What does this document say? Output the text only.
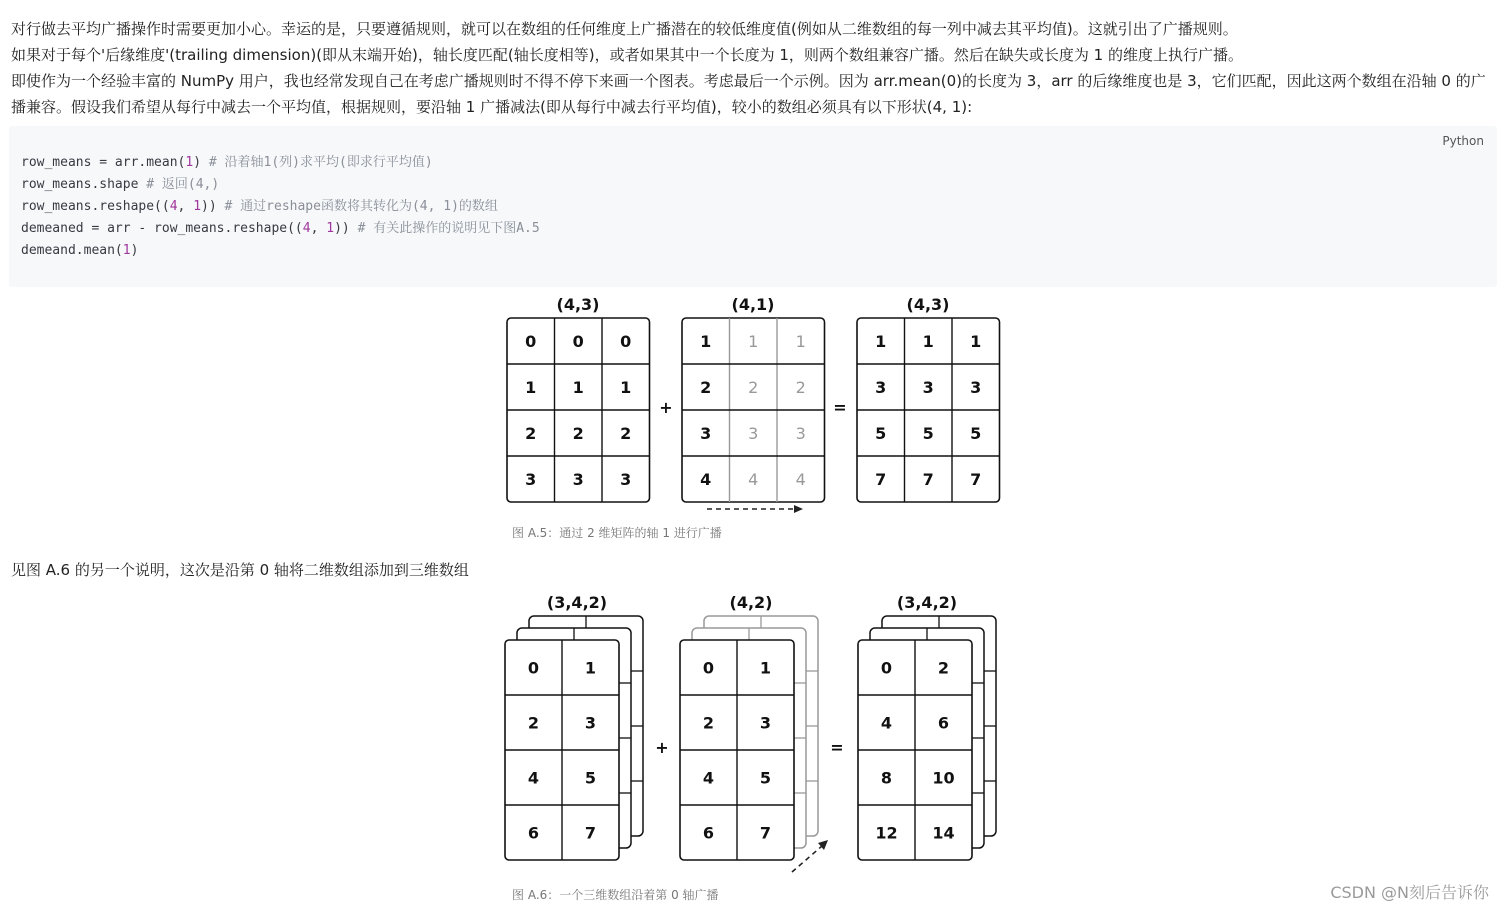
对行做去平均广播操作时需要更加小心。幸运的是，只要遵循规则，就可以在数组的任何维度上广播潜在的较低维度值(例如从二维数组的每一列中减去其平均值)。这就引出了广播规则。
如果对于每个'后缘维度'(trailing dimension)(即从末端开始)，轴长度匹配(轴长度相等)，或者如果其中一个长度为 1，则两个数组兼容广播。然后在缺失或长度为 1 的维度上执行广播。
即使作为一个经验丰富的 NumPy 用户，我也经常发现自己在考虑广播规则时不得不停下来画一个图表。考虑最后一个示例。因为 arr.mean(0)的长度为 3，arr 的后缘维度也是 3，它们匹配，因此这两个数组在沿轴 0 的广播兼容。假设我们希望从每行中减去一个平均值，根据规则，要沿轴 1 广播减法(即从每行中减去行平均值)，较小的数组必须具有以下形状(4, 1):
Python
row_means = arr.mean(1) # 沿着轴1(列)求平均(即求行平均值)
row_means.shape # 返回(4,)
row_means.reshape((4, 1)) # 通过reshape函数将其转化为(4, 1)的数组
demeaned = arr - row_means.reshape((4, 1)) # 有关此操作的说明见下图A.5
demeand.mean(1)
(4,3)	(4,1)	(4,3)
0 0 0
1 1 1
2 2 2
3 3 3
1 1 1
2 2 2
3 3 3
4 4 4
1 1 1
3 3 3
5 5 5
7 7 7
+	=
图 A.5：通过 2 维矩阵的轴 1 进行广播
见图 A.6 的另一个说明，这次是沿第 0 轴将二维数组添加到三维数组
(3,4,2)	(4,2)	(3,4,2)
0	1
2	3
4	5
6	7
0	1
2	3
4	5
6	7
0	2
4	6
8	10
12 14
+	=
图 A.6：一个三维数组沿着第 0 轴广播	CSDN @N刻后告诉你
